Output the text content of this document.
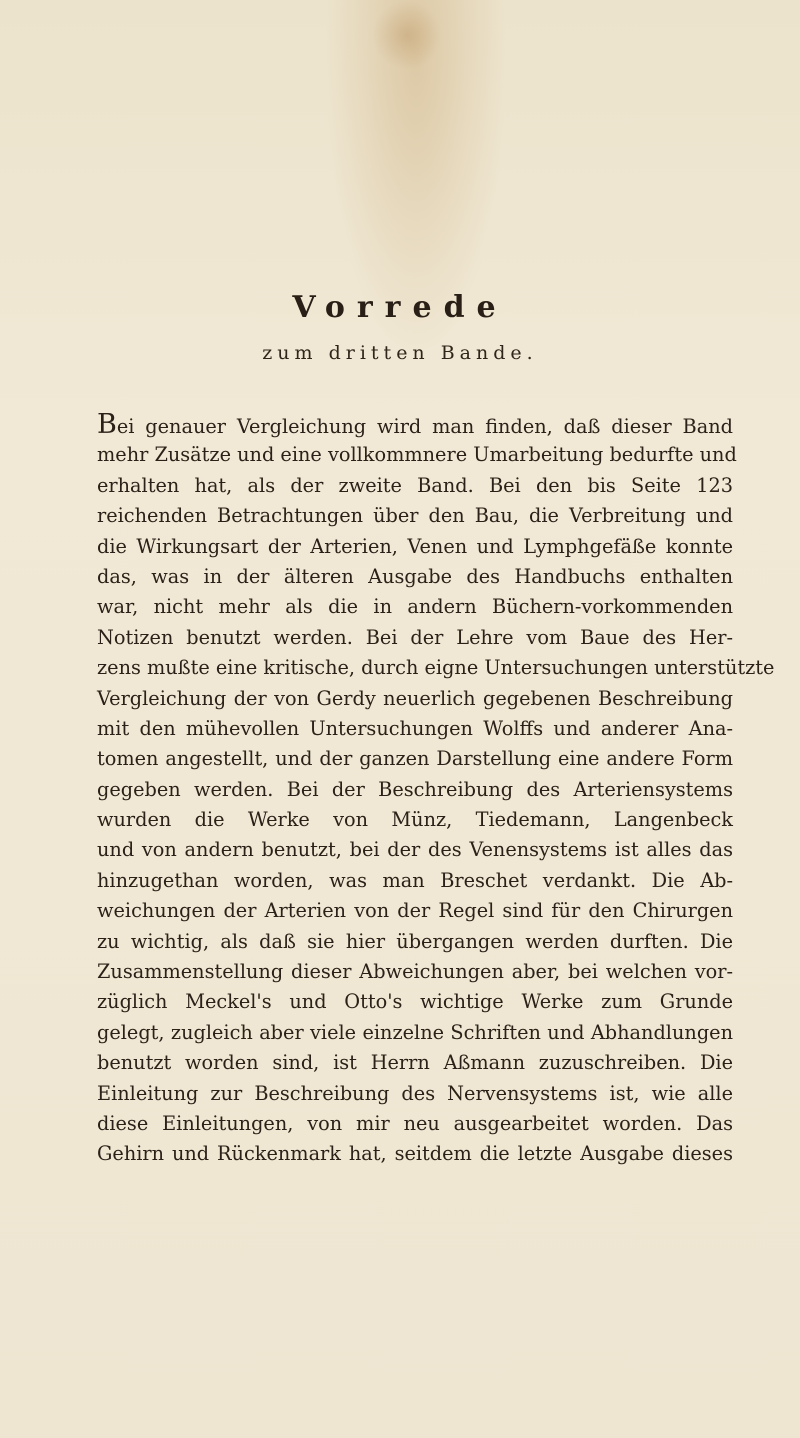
Vorrede
zum dritten Bande.
Bei genauer Vergleichung wird man finden, daß dieser Band
mehr Zusätze und eine vollkommnere Umarbeitung bedurfte und
erhalten hat, als der zweite Band. Bei den bis Seite 123
reichenden Betrachtungen über den Bau, die Verbreitung und
die Wirkungsart der Arterien, Venen und Lymphgefäße konnte
das, was in der älteren Ausgabe des Handbuchs enthalten
war, nicht mehr als die in andern Büchern-vorkommenden
Notizen benutzt werden. Bei der Lehre vom Baue des Her-
zens mußte eine kritische, durch eigne Untersuchungen unterstützte
Vergleichung der von Gerdy neuerlich gegebenen Beschreibung
mit den mühevollen Untersuchungen Wolffs und anderer Ana-
tomen angestellt, und der ganzen Darstellung eine andere Form
gegeben werden. Bei der Beschreibung des Arteriensystems
wurden die Werke von Münz, Tiedemann, Langenbeck
und von andern benutzt, bei der des Venensystems ist alles das
hinzugethan worden, was man Breschet verdankt. Die Ab-
weichungen der Arterien von der Regel sind für den Chirurgen
zu wichtig, als daß sie hier übergangen werden durften. Die
Zusammenstellung dieser Abweichungen aber, bei welchen vor-
züglich Meckel's und Otto's wichtige Werke zum Grunde
gelegt, zugleich aber viele einzelne Schriften und Abhandlungen
benutzt worden sind, ist Herrn Aßmann zuzuschreiben. Die
Einleitung zur Beschreibung des Nervensystems ist, wie alle
diese Einleitungen, von mir neu ausgearbeitet worden. Das
Gehirn und Rückenmark hat, seitdem die letzte Ausgabe dieses
